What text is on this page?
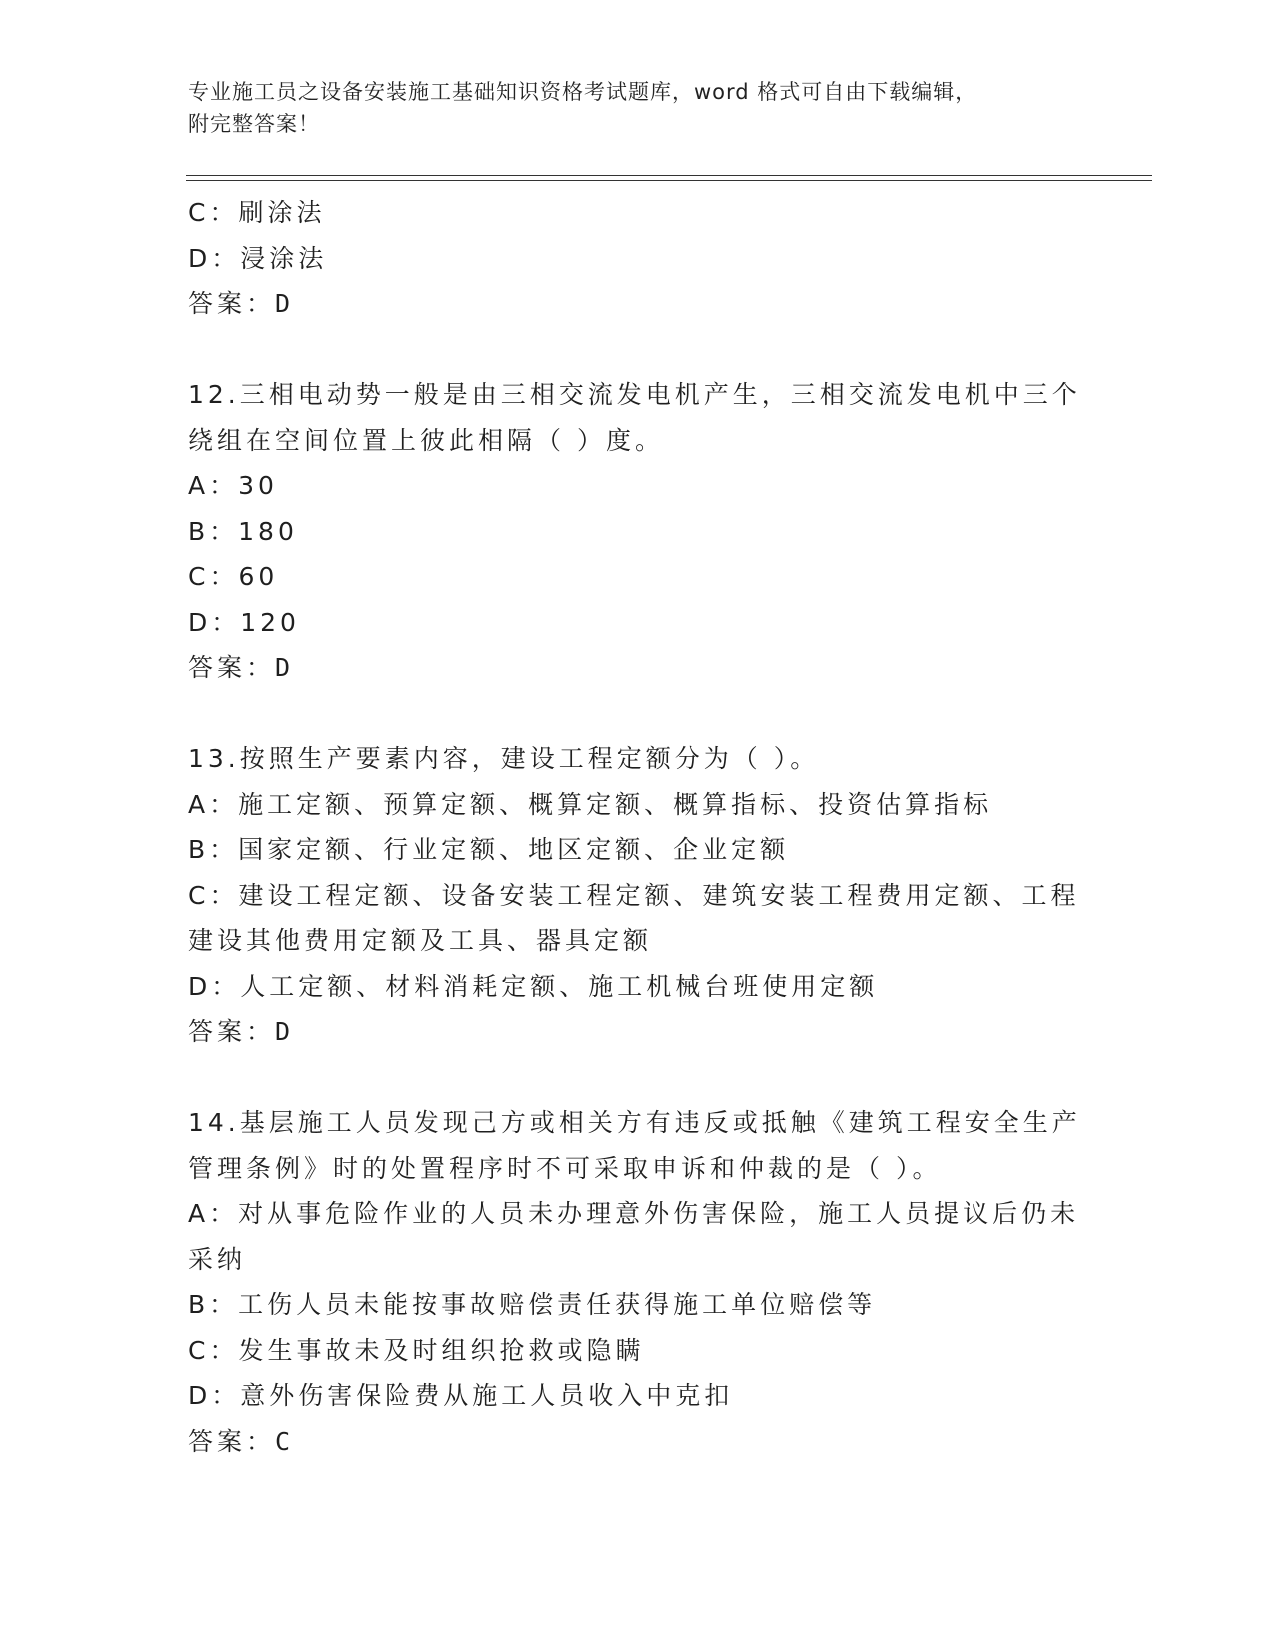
专业施工员之设备安装施工基础知识资格考试题库，word 格式可自由下载编辑，
附完整答案！
C：刷涂法
D：浸涂法
答案：D
12.三相电动势一般是由三相交流发电机产生，三相交流发电机中三个
绕组在空间位置上彼此相隔（ ）度。
A：30
B：180
C：60
D：120
答案：D
13.按照生产要素内容，建设工程定额分为（ ）。
A：施工定额、预算定额、概算定额、概算指标、投资估算指标
B：国家定额、行业定额、地区定额、企业定额
C：建设工程定额、设备安装工程定额、建筑安装工程费用定额、工程
建设其他费用定额及工具、器具定额
D：人工定额、材料消耗定额、施工机械台班使用定额
答案：D
14.基层施工人员发现己方或相关方有违反或抵触《建筑工程安全生产
管理条例》时的处置程序时不可采取申诉和仲裁的是（ ）。
A：对从事危险作业的人员未办理意外伤害保险，施工人员提议后仍未
采纳
B：工伤人员未能按事故赔偿责任获得施工单位赔偿等
C：发生事故未及时组织抢救或隐瞒
D：意外伤害保险费从施工人员收入中克扣
答案：C
